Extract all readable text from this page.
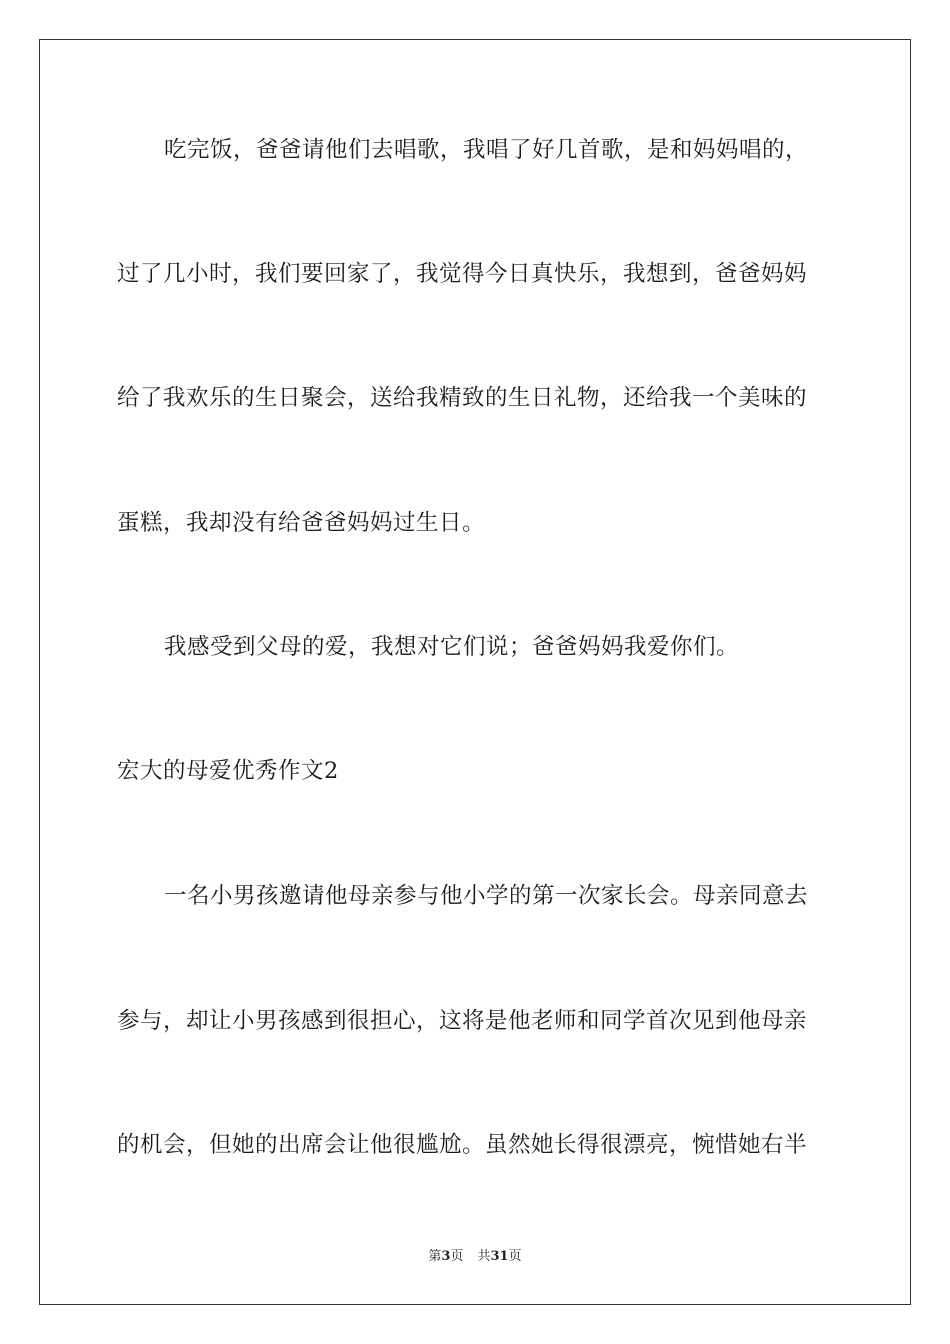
吃完饭，爸爸请他们去唱歌，我唱了好几首歌，是和妈妈唱的，
过了几小时，我们要回家了，我觉得今日真快乐，我想到，爸爸妈妈
给了我欢乐的生日聚会，送给我精致的生日礼物，还给我一个美味的
蛋糕，我却没有给爸爸妈妈过生日。
我感受到父母的爱，我想对它们说；爸爸妈妈我爱你们。
宏大的母爱优秀作文2
一名小男孩邀请他母亲参与他小学的第一次家长会。母亲同意去
参与，却让小男孩感到很担心，这将是他老师和同学首次见到他母亲
的机会，但她的出席会让他很尴尬。虽然她长得很漂亮，惋惜她右半
第3页 共31页
